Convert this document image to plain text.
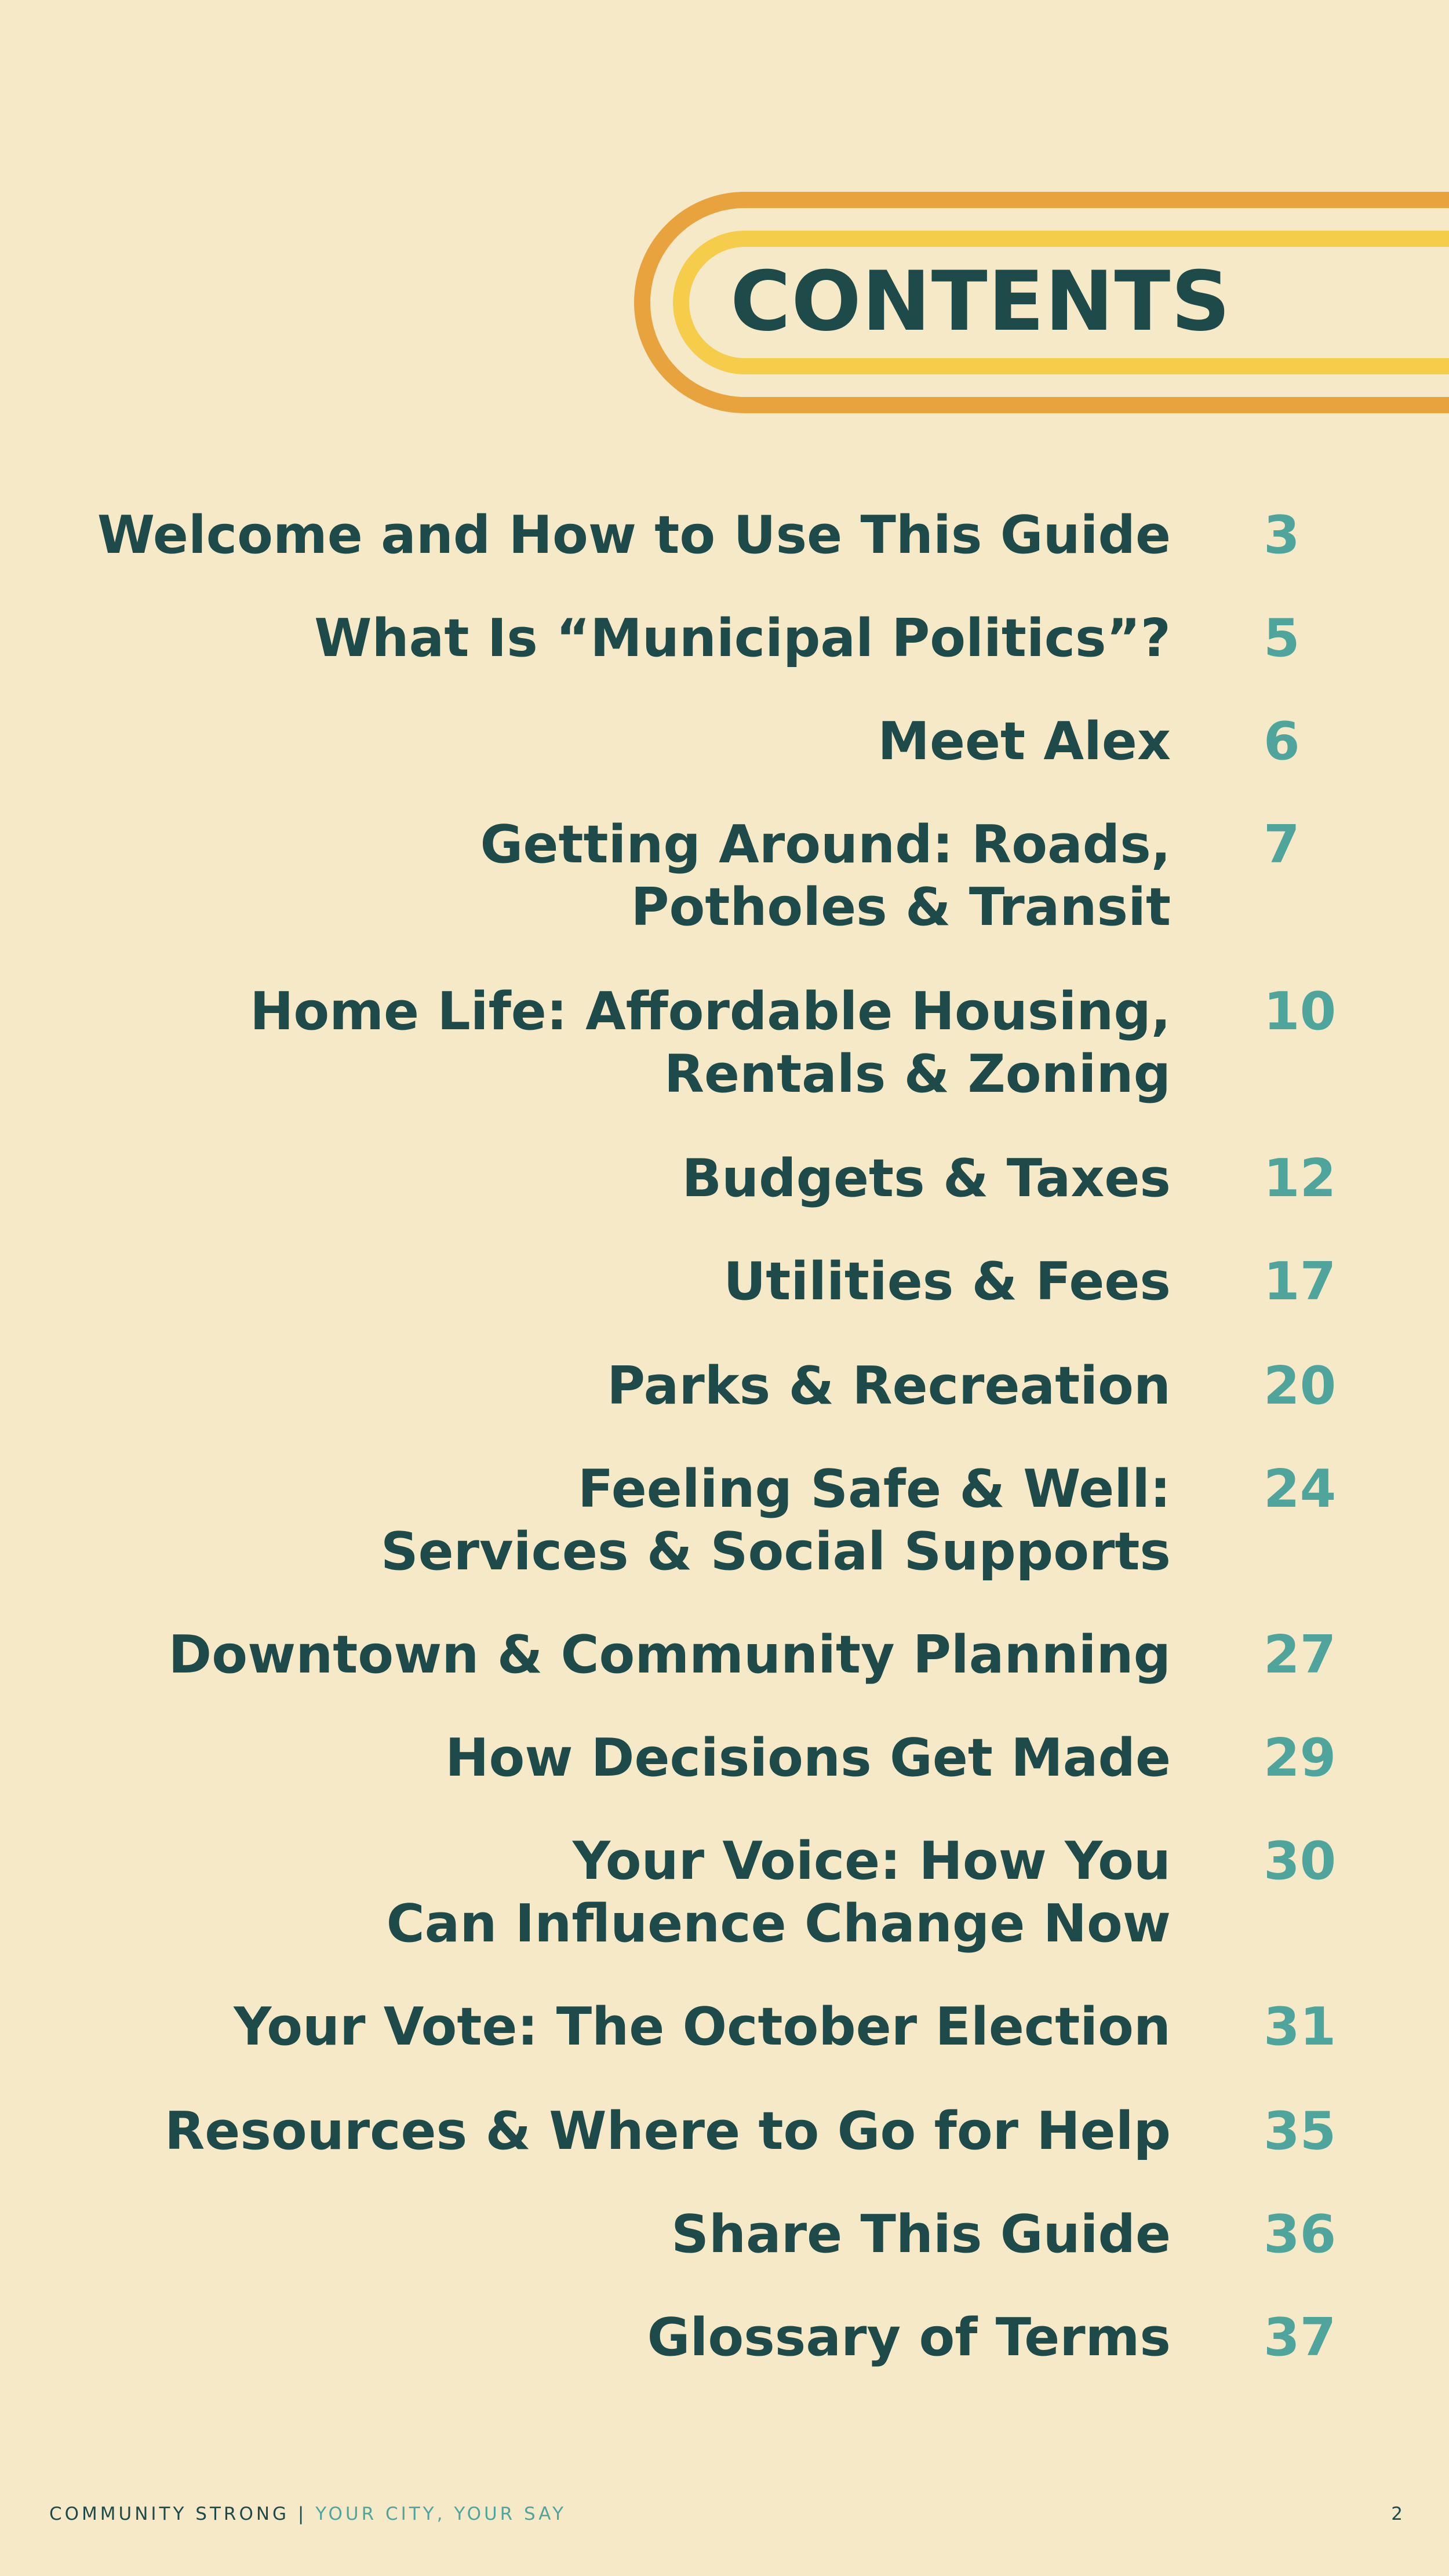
CONTENTS
Welcome and How to Use This Guide 3
What Is “Municipal Politics”? 5
Meet Alex 6
Getting Around: Roads,
Potholes & Transit
7
Home Life: Affordable Housing,
Rentals & Zoning
10
Budgets & Taxes 12
Utilities & Fees 17
Parks & Recreation 20
Feeling Safe & Well:
Services & Social Supports
24
Downtown & Community Planning 27
How Decisions Get Made 29
Your Voice: How You
Can Influence Change Now
30
Your Vote: The October Election 31
Resources & Where to Go for Help 35
Share This Guide 36
Glossary of Terms 37
COMMUNITY STRONG | YOUR CITY, YOUR SAY	2
